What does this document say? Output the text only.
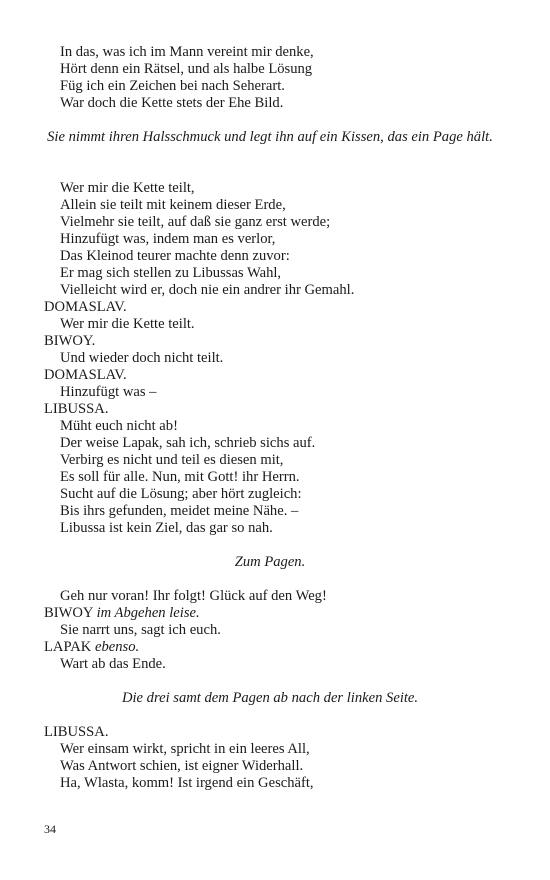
In das, was ich im Mann vereint mir denke,
Hört denn ein Rätsel, und als halbe Lösung
Füg ich ein Zeichen bei nach Seherart.
War doch die Kette stets der Ehe Bild.
Sie nimmt ihren Halsschmuck und legt ihn auf ein Kissen, das ein Page hält.
Wer mir die Kette teilt,
Allein sie teilt mit keinem dieser Erde,
Vielmehr sie teilt, auf daß sie ganz erst werde;
Hinzufügt was, indem man es verlor,
Das Kleinod teurer machte denn zuvor:
Er mag sich stellen zu Libussas Wahl,
Vielleicht wird er, doch nie ein andrer ihr Gemahl.
DOMASLAV.
Wer mir die Kette teilt.
BIWOY.
Und wieder doch nicht teilt.
DOMASLAV.
Hinzufügt was –
LIBUSSA.
Müht euch nicht ab!
Der weise Lapak, sah ich, schrieb sichs auf.
Verbirg es nicht und teil es diesen mit,
Es soll für alle. Nun, mit Gott! ihr Herrn.
Sucht auf die Lösung; aber hört zugleich:
Bis ihrs gefunden, meidet meine Nähe. –
Libussa ist kein Ziel, das gar so nah.
Zum Pagen.
Geh nur voran! Ihr folgt! Glück auf den Weg!
BIWOY im Abgehen leise.
Sie narrt uns, sagt ich euch.
LAPAK ebenso.
Wart ab das Ende.
Die drei samt dem Pagen ab nach der linken Seite.
LIBUSSA.
Wer einsam wirkt, spricht in ein leeres All,
Was Antwort schien, ist eigner Widerhall.
Ha, Wlasta, komm! Ist irgend ein Geschäft,
34
